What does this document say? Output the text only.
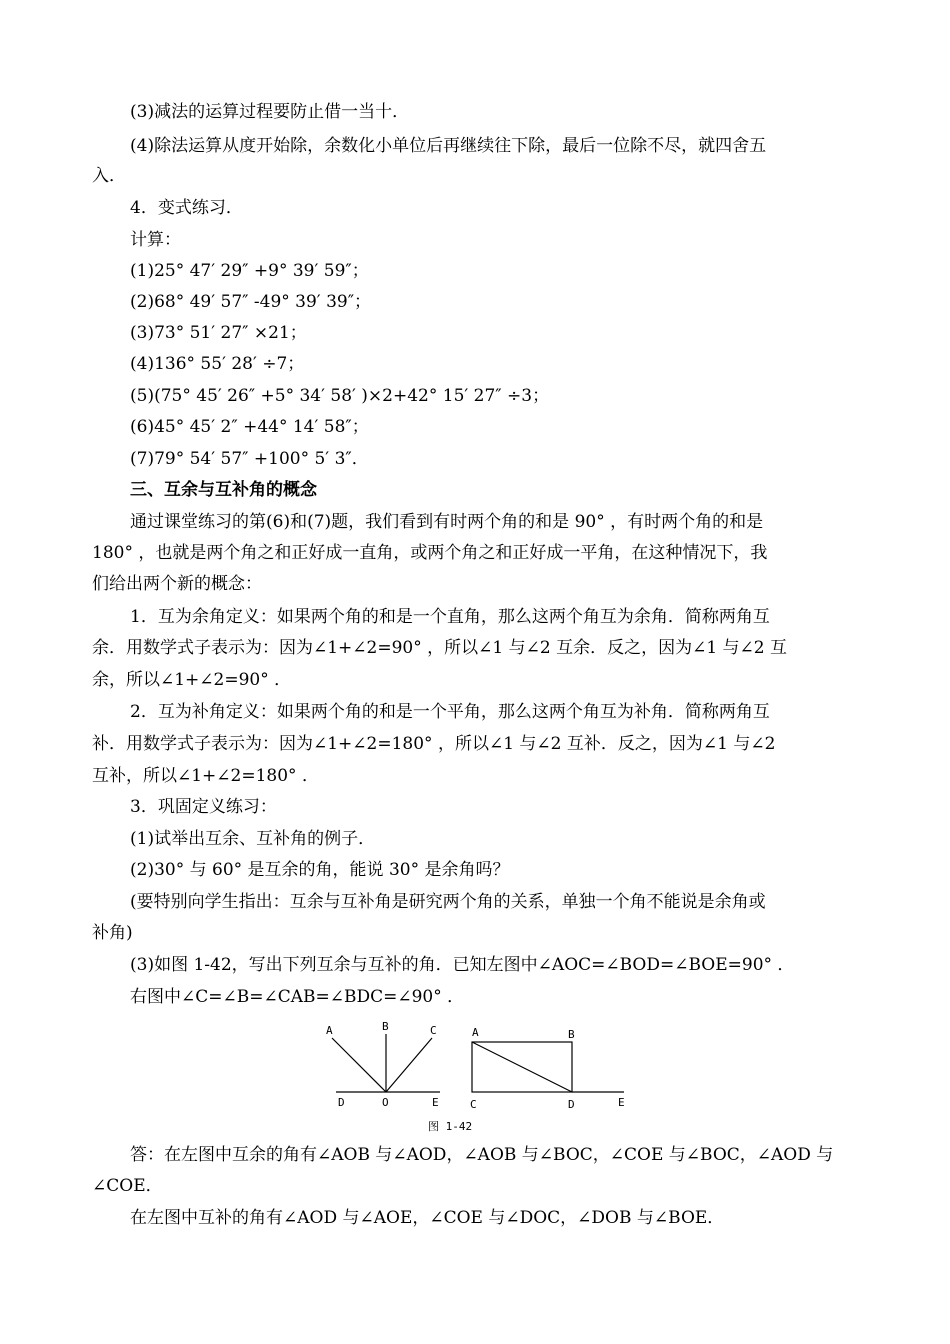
(3)减法的运算过程要防止借一当十．
(4)除法运算从度开始除，余数化小单位后再继续往下除，最后一位除不尽，就四舍五
入．
4．变式练习．
计算：
(1)25° 47′ 29″ +9° 39′ 59″；
(2)68° 49′ 57″ -49° 39′ 39″；
(3)73° 51′ 27″ ×21；
(4)136° 55′ 28′ ÷7；
(5)(75° 45′ 26″ +5° 34′ 58′ )×2+42° 15′ 27″ ÷3；
(6)45° 45′ 2″ +44° 14′ 58″；
(7)79° 54′ 57″ +100° 5′ 3″．
三、互余与互补角的概念
通过课堂练习的第(6)和(7)题，我们看到有时两个角的和是 90° ，有时两个角的和是
180° ，也就是两个角之和正好成一直角，或两个角之和正好成一平角，在这种情况下，我
们给出两个新的概念：
1．互为余角定义：如果两个角的和是一个直角，那么这两个角互为余角．简称两角互
余．用数学式子表示为：因为∠1+∠2=90° ，所以∠1 与∠2 互余．反之，因为∠1 与∠2 互
余，所以∠1+∠2=90° ．
2．互为补角定义：如果两个角的和是一个平角，那么这两个角互为补角．简称两角互
补．用数学式子表示为：因为∠1+∠2=180° ，所以∠1 与∠2 互补．反之，因为∠1 与∠2
互补，所以∠1+∠2=180° ．
3．巩固定义练习：
(1)试举出互余、互补角的例子．
(2)30° 与 60° 是互余的角，能说 30° 是余角吗？
(要特别向学生指出：互余与互补角是研究两个角的关系，单独一个角不能说是余角或
补角)
(3)如图 1-42，写出下列互余与互补的角．已知左图中∠AOC=∠BOD=∠BOE=90° ．
右图中∠C=∠B=∠CAB=∠BDC=∠90° ．
A	B	C
D	O	E
A	B
C	D	E
图 1-42
答：在左图中互余的角有∠AOB 与∠AOD，∠AOB 与∠BOC，∠COE 与∠BOC，∠AOD 与
∠COE．
在左图中互补的角有∠AOD 与∠AOE，∠COE 与∠DOC，∠DOB 与∠BOE．
